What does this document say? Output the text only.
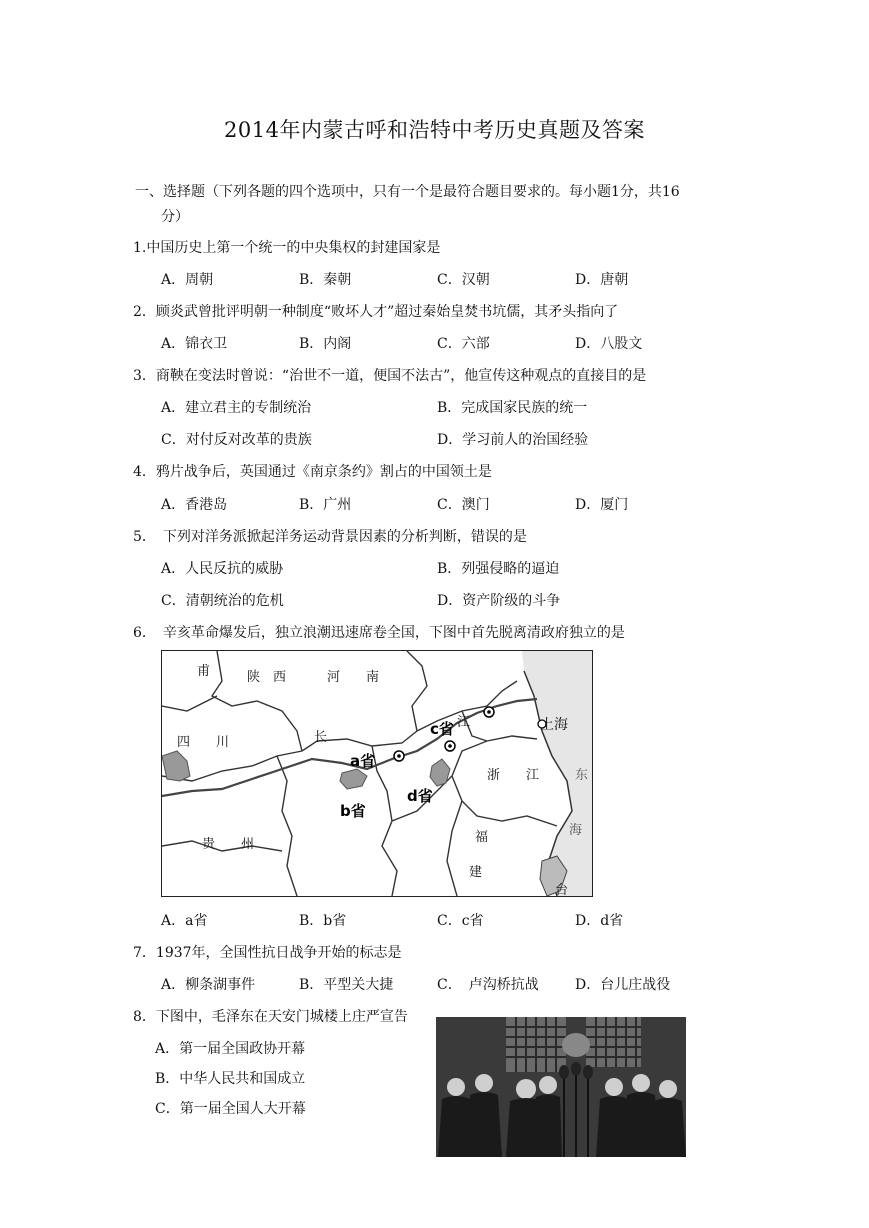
2014年内蒙古呼和浩特中考历史真题及答案
一、选择题（下列各题的四个选项中，只有一个是最符合题目要求的。每小题1分，共16
分）
1.中国历史上第一个统一的中央集权的封建国家是
A．周朝	B．秦朝	C．汉朝	D．唐朝
2．顾炎武曾批评明朝一种制度“败坏人才”超过秦始皇焚书坑儒，其矛头指向了
A．锦衣卫	B．内阁	C．六部	D．八股文
3．商鞅在变法时曾说：“治世不一道，便国不法古”，他宣传这种观点的直接目的是
A．建立君主的专制统治	B．完成国家民族的统一
C．对付反对改革的贵族	D．学习前人的治国经验
4．鸦片战争后，英国通过《南京条约》割占的中国领土是
A．香港岛	B．广州	C．澳门	D．厦门
5．　下列对洋务派掀起洋务运动背景因素的分析判断，错误的是
A．人民反抗的威胁	B．列强侵略的逼迫
C．清朝统治的危机	D．资产阶级的斗争
6．　辛亥革命爆发后，独立浪潮迅速席卷全国，下图中首先脱离清政府独立的是
甫	陕　西	河　　南
四　　川	长
江	上海
浙　　江
福
建
贵　　州
东
海
台
a省
b省
c省
d省
A．a省	B．b省	C．c省	D．d省
7．1937年，全国性抗日战争开始的标志是
A．柳条湖事件	B．平型关大捷	C．　卢沟桥抗战	D．台儿庄战役
8．下图中，毛泽东在天安门城楼上庄严宣告
A．第一届全国政协开幕
B．中华人民共和国成立
C．第一届全国人大开幕
